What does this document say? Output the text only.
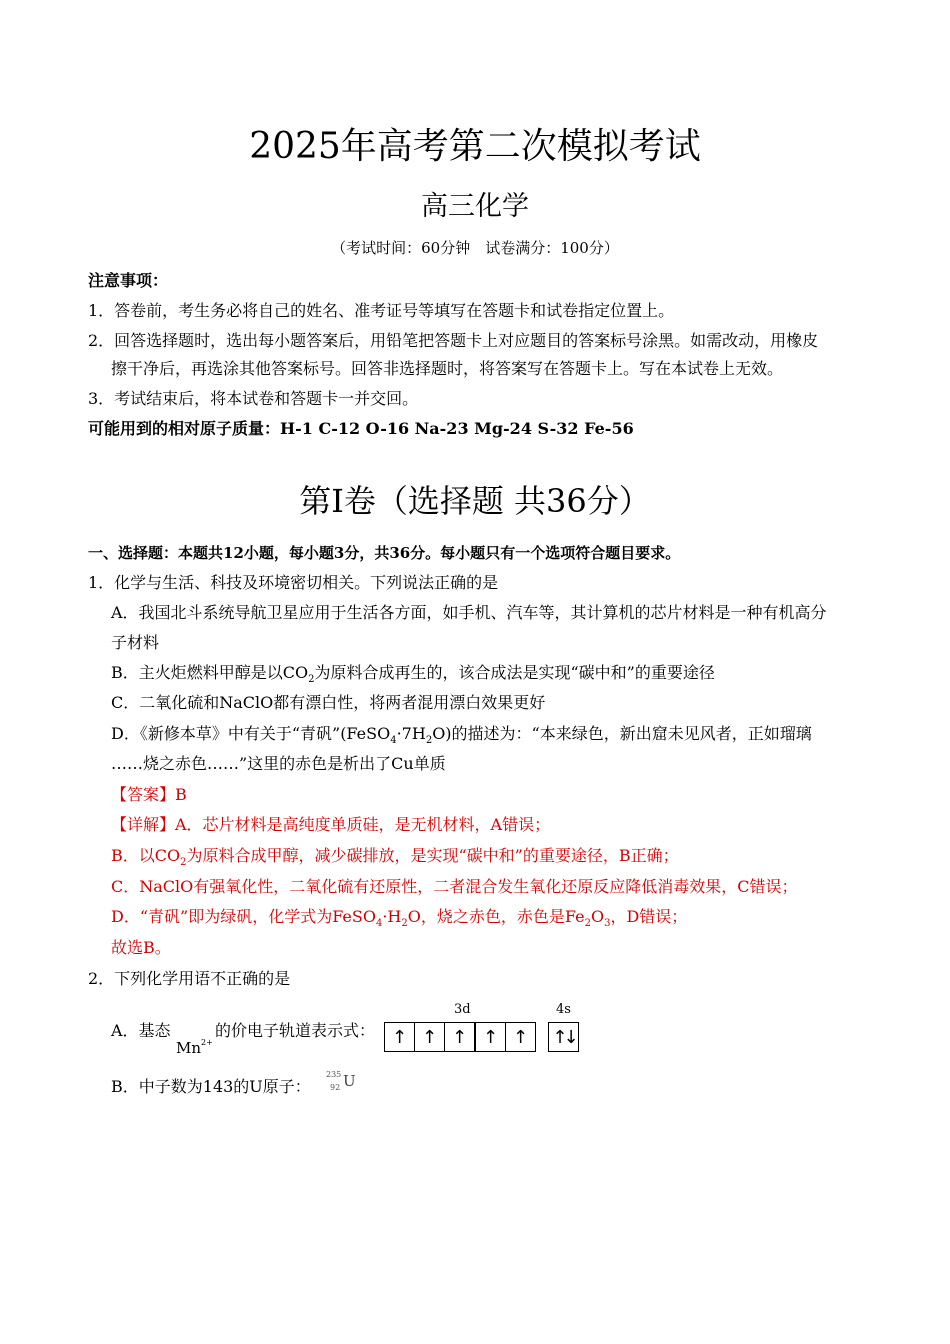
2025年高考第二次模拟考试
高三化学
（考试时间：60分钟　试卷满分：100分）
注意事项：
1．答卷前，考生务必将自己的姓名、准考证号等填写在答题卡和试卷指定位置上。
2．回答选择题时，选出每小题答案后，用铅笔把答题卡上对应题目的答案标号涂黑。如需改动，用橡皮
擦干净后，再选涂其他答案标号。回答非选择题时，将答案写在答题卡上。写在本试卷上无效。
3．考试结束后，将本试卷和答题卡一并交回。
可能用到的相对原子质量：H-1 C-12 O-16 Na-23 Mg-24 S-32 Fe-56
第Ⅰ卷（选择题 共36分）
一、选择题：本题共12小题，每小题3分，共36分。每小题只有一个选项符合题目要求。
1．化学与生活、科技及环境密切相关。下列说法正确的是
A．我国北斗系统导航卫星应用于生活各方面，如手机、汽车等，其计算机的芯片材料是一种有机高分
子材料
B．主火炬燃料甲醇是以$CO_2$为原料合成再生的，该合成法是实现“碳中和”的重要途径
C．二氧化硫和NaClO都有漂白性，将两者混用漂白效果更好
D．《新修本草》中有关于“青矾$”(FeSO_4\cdot 7H_2O)$的描述为：“本来绿色，新出窟未见风者，正如瑠璃
……烧之赤色……”这里的赤色是析出了Cu单质
【答案】B
【详解】A．芯片材料是高纯度单质硅，是无机材料，A错误；
B．以$CO_2$为原料合成甲醇，减少碳排放，是实现“碳中和”的重要途径，B正确；
C．NaClO有强氧化性，二氧化硫有还原性，二者混合发生氧化还原反应降低消毒效果，C错误；
D．“青矾”即为绿矾，化学式为$FeSO_4\cdot H_2O$，烧之赤色，赤色是$Fe_2O_3$，D错误；
故选B。
2．下列化学用语不正确的是
A．基态
$Mn^{2+}$
的价电子轨道表示式：
3d	4s
↑ ↑ ↑ ↑ ↑	↑↓
B．中子数为143的U原子：
235
92 U
